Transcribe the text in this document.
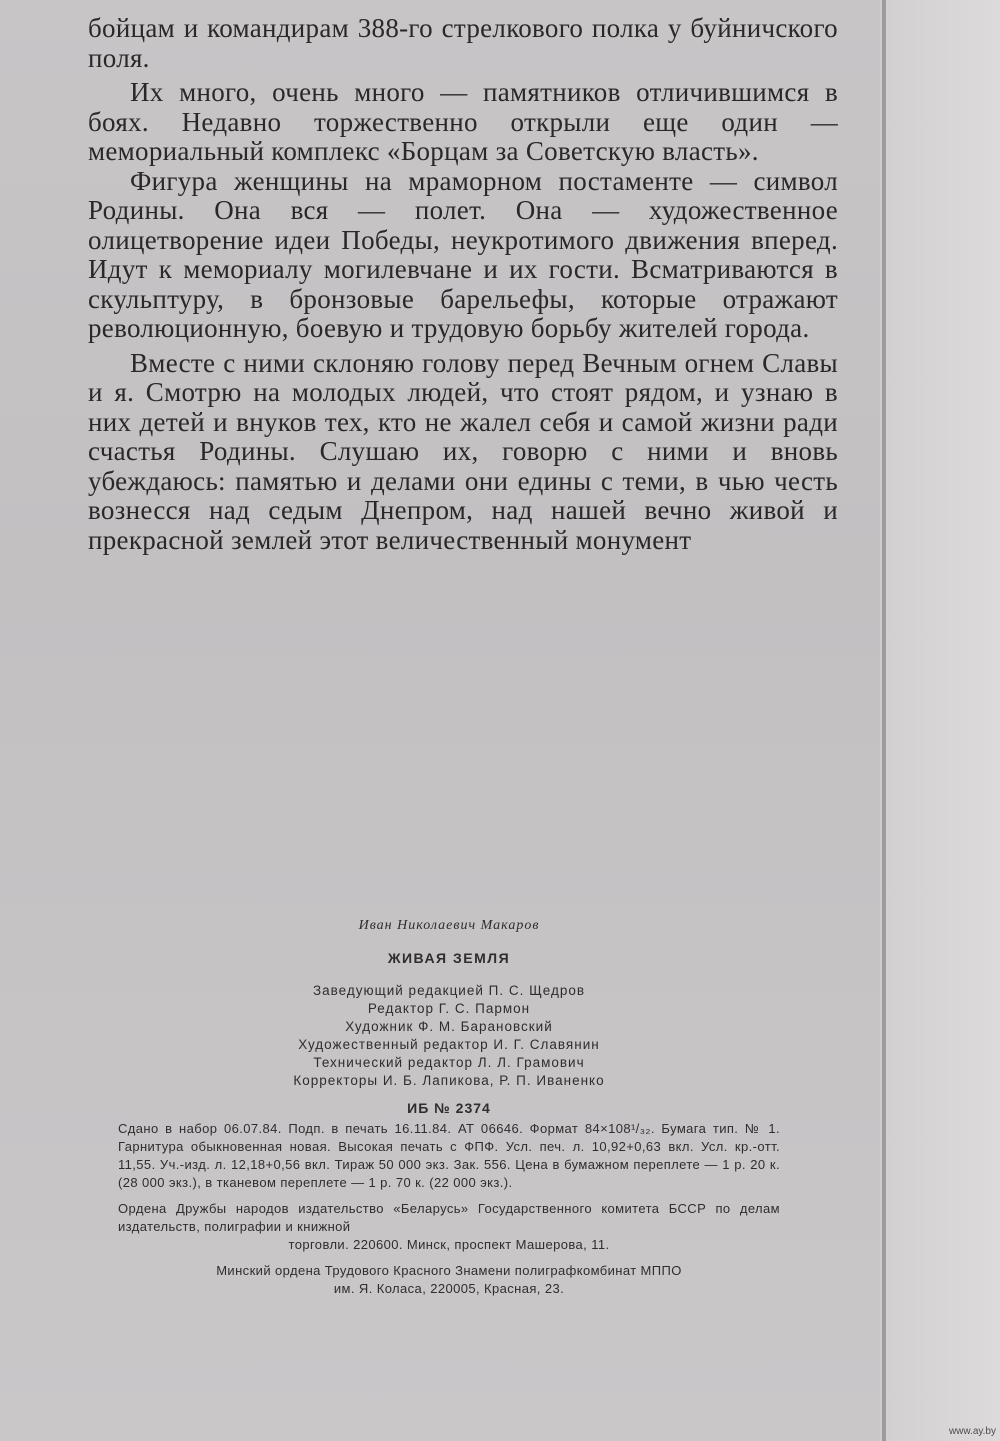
бойцам и командирам 388-го стрелкового полка у буйничского поля.

Их много, очень много — памятников отличившимся в боях. Недавно торжественно открыли еще один — мемориальный комплекс «Борцам за Советскую власть».

Фигура женщины на мраморном постаменте — символ Родины. Она вся — полет. Она — художественное олицетворение идеи Победы, неукротимого движения вперед. Идут к мемориалу могилевчане и их гости. Всматриваются в скульптуру, в бронзовые барельефы, которые отражают революционную, боевую и трудовую борьбу жителей города.

Вместе с ними склоняю голову перед Вечным огнем Славы и я. Смотрю на молодых людей, что стоят рядом, и узнаю в них детей и внуков тех, кто не жалел себя и самой жизни ради счастья Родины. Слушаю их, говорю с ними и вновь убеждаюсь: памятью и делами они едины с теми, в чью честь вознесся над седым Днепром, над нашей вечно живой и прекрасной землей этот величественный монумент

Иван Николаевич Макаров
ЖИВАЯ ЗЕМЛЯ
Заведующий редакцией П. С. Щедров
Редактор Г. С. Пармон
Художник Ф. М. Барановский
Художественный редактор И. Г. Славянин
Технический редактор Л. Л. Грамович
Корректоры И. Б. Лапикова, Р. П. Иваненко
ИБ № 2374

Сдано в набор 06.07.84. Подп. в печать 16.11.84. АТ 06646. Формат 84×108¹/₃₂. Бумага тип. № 1. Гарнитура обыкновенная новая. Высокая печать с ФПФ. Усл. печ. л. 10,92+0,63 вкл. Усл. кр.-отт. 11,55. Уч.-изд. л. 12,18+0,56 вкл. Тираж 50 000 экз. Зак. 556. Цена в бумажном переплете — 1 р. 20 к. (28 000 экз.), в тканевом переплете — 1 р. 70 к. (22 000 экз.).

Ордена Дружбы народов издательство «Беларусь» Государственного комитета БССР по делам издательств, полиграфии и книжной

торговли. 220600. Минск, проспект Машерова, 11.

Минский ордена Трудового Красного Знамени полиграфкомбинат МППО

им. Я. Коласа, 220005, Красная, 23.

www.ay.by
